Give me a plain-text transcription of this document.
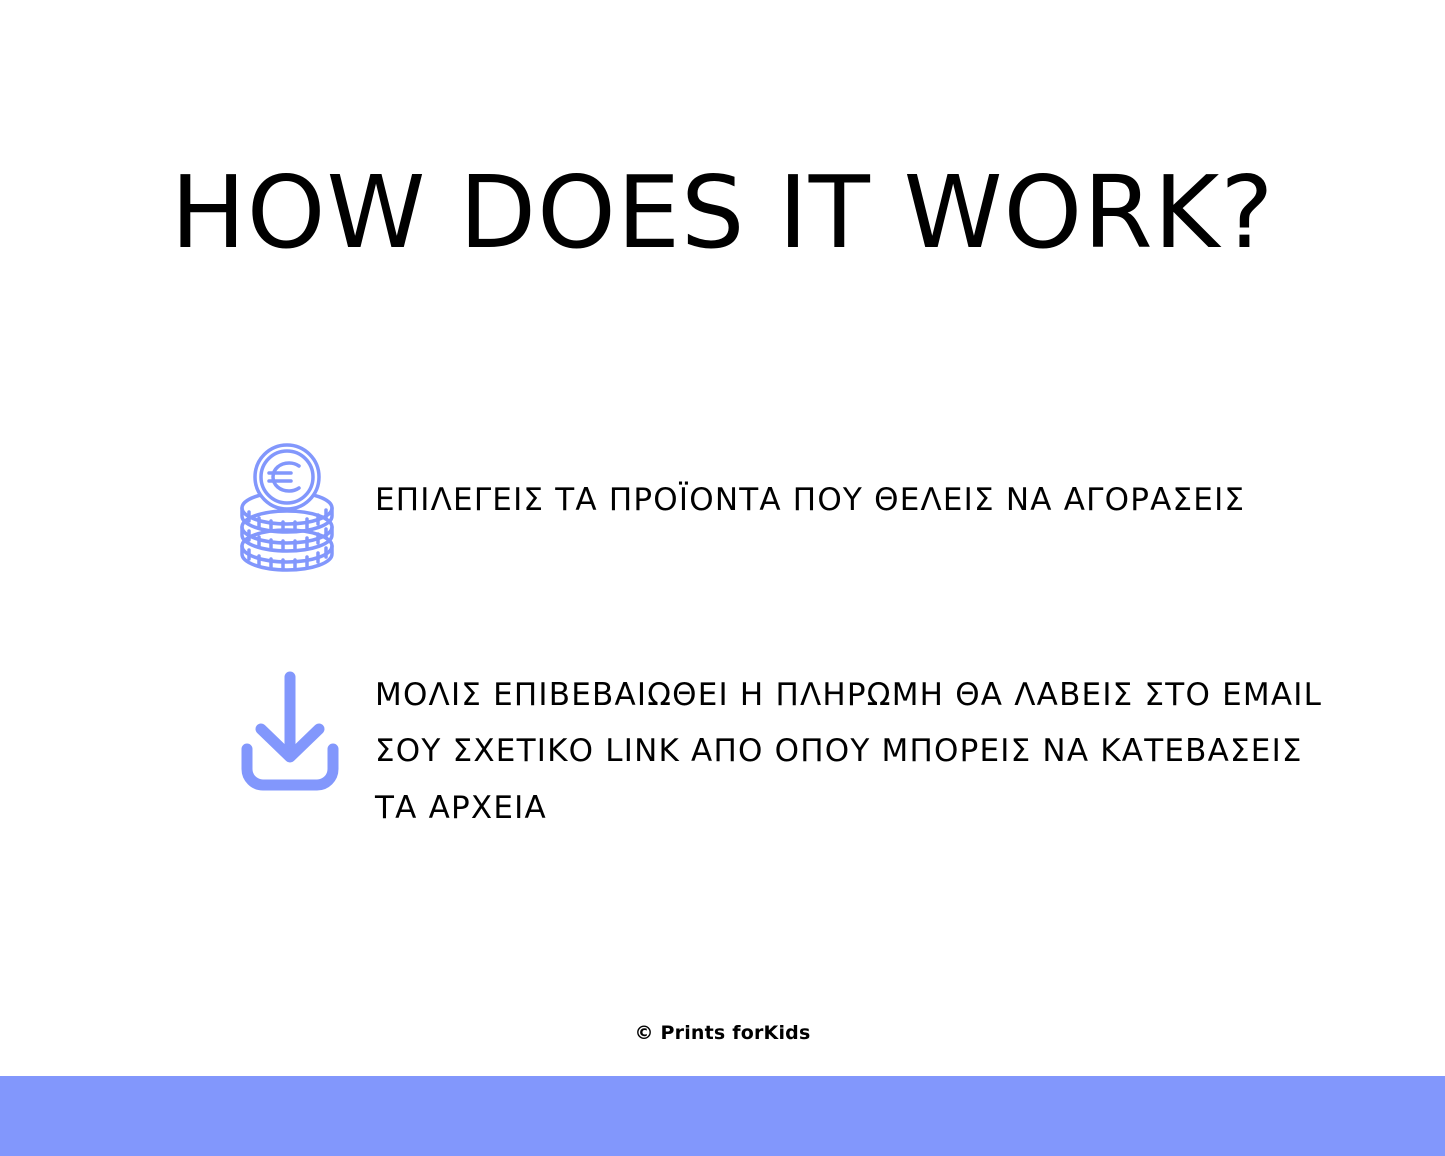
HOW DOES IT WORK?
ΕΠΙΛΕΓΕΙΣ ΤΑ ΠΡΟΪΟΝΤΑ ΠΟΥ ΘΕΛΕΙΣ ΝΑ ΑΓΟΡΑΣΕΙΣ
ΜΟΛΙΣ ΕΠΙΒΕΒΑΙΩΘΕΙ Η ΠΛΗΡΩΜΗ ΘΑ ΛΑΒΕΙΣ ΣΤΟ EMAIL ΣΟΥ ΣΧΕΤΙΚΟ LINK ΑΠΟ ΟΠΟΥ ΜΠΟΡΕΙΣ ΝΑ ΚΑΤΕΒΑΣΕΙΣ ΤΑ ΑΡΧΕΙΑ
© Prints forKids
